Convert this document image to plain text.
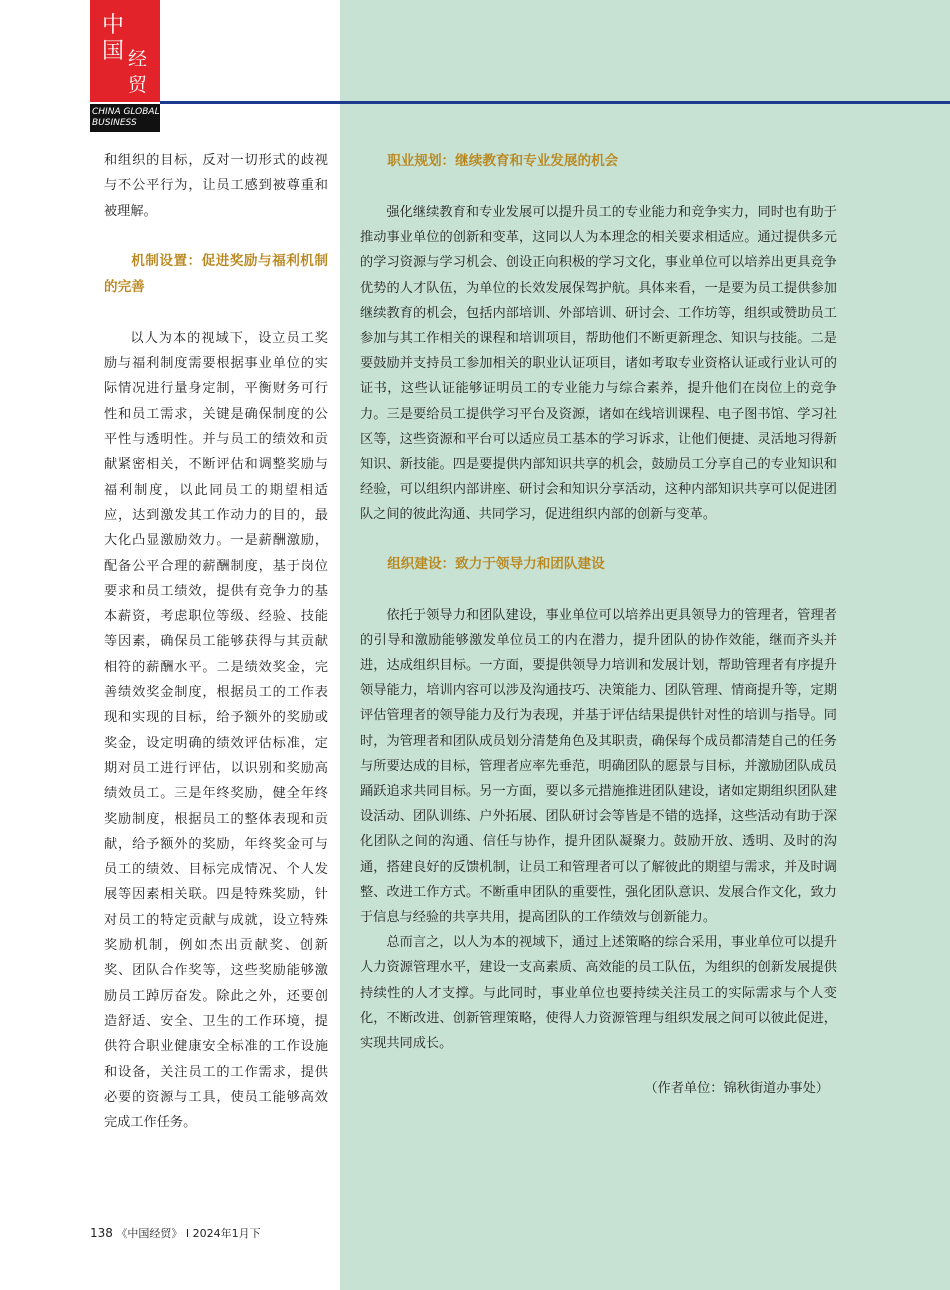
中
国 经
贸
CHINA GLOBAL
BUSINESS

和组织的目标，反对一切形式的歧视与不公平行为，让员工感到被尊重和被理解。

机制设置：促进奖励与福利机制的完善

以人为本的视域下，设立员工奖励与福利制度需要根据事业单位的实际情况进行量身定制，平衡财务可行性和员工需求，关键是确保制度的公平性与透明性。并与员工的绩效和贡献紧密相关，不断评估和调整奖励与福利制度，以此同员工的期望相适应，达到激发其工作动力的目的，最大化凸显激励效力。一是薪酬激励，配备公平合理的薪酬制度，基于岗位要求和员工绩效，提供有竞争力的基本薪资，考虑职位等级、经验、技能等因素，确保员工能够获得与其贡献相符的薪酬水平。二是绩效奖金，完善绩效奖金制度，根据员工的工作表现和实现的目标，给予额外的奖励或奖金，设定明确的绩效评估标准，定期对员工进行评估，以识别和奖励高绩效员工。三是年终奖励，健全年终奖励制度，根据员工的整体表现和贡献，给予额外的奖励，年终奖金可与员工的绩效、目标完成情况、个人发展等因素相关联。四是特殊奖励，针对员工的特定贡献与成就，设立特殊奖励机制，例如杰出贡献奖、创新奖、团队合作奖等，这些奖励能够激励员工踔厉奋发。除此之外，还要创造舒适、安全、卫生的工作环境，提供符合职业健康安全标准的工作设施和设备，关注员工的工作需求，提供必要的资源与工具，使员工能够高效完成工作任务。

职业规划：继续教育和专业发展的机会

强化继续教育和专业发展可以提升员工的专业能力和竞争实力，同时也有助于推动事业单位的创新和变革，这同以人为本理念的相关要求相适应。通过提供多元的学习资源与学习机会、创设正向积极的学习文化，事业单位可以培养出更具竞争优势的人才队伍，为单位的长效发展保驾护航。具体来看，一是要为员工提供参加继续教育的机会，包括内部培训、外部培训、研讨会、工作坊等，组织或赞助员工参加与其工作相关的课程和培训项目，帮助他们不断更新理念、知识与技能。二是要鼓励并支持员工参加相关的职业认证项目，诸如考取专业资格认证或行业认可的证书，这些认证能够证明员工的专业能力与综合素养，提升他们在岗位上的竞争力。三是要给员工提供学习平台及资源，诸如在线培训课程、电子图书馆、学习社区等，这些资源和平台可以适应员工基本的学习诉求，让他们便捷、灵活地习得新知识、新技能。四是要提供内部知识共享的机会，鼓励员工分享自己的专业知识和经验，可以组织内部讲座、研讨会和知识分享活动，这种内部知识共享可以促进团队之间的彼此沟通、共同学习，促进组织内部的创新与变革。

组织建设：致力于领导力和团队建设

依托于领导力和团队建设，事业单位可以培养出更具领导力的管理者，管理者的引导和激励能够激发单位员工的内在潜力，提升团队的协作效能，继而齐头并进，达成组织目标。一方面，要提供领导力培训和发展计划，帮助管理者有序提升领导能力，培训内容可以涉及沟通技巧、决策能力、团队管理、情商提升等，定期评估管理者的领导能力及行为表现，并基于评估结果提供针对性的培训与指导。同时，为管理者和团队成员划分清楚角色及其职责，确保每个成员都清楚自己的任务与所要达成的目标，管理者应率先垂范，明确团队的愿景与目标，并激励团队成员踊跃追求共同目标。另一方面，要以多元措施推进团队建设，诸如定期组织团队建设活动、团队训练、户外拓展、团队研讨会等皆是不错的选择，这些活动有助于深化团队之间的沟通、信任与协作，提升团队凝聚力。鼓励开放、透明、及时的沟通，搭建良好的反馈机制，让员工和管理者可以了解彼此的期望与需求，并及时调整、改进工作方式。不断重申团队的重要性，强化团队意识、发展合作文化，致力于信息与经验的共享共用，提高团队的工作绩效与创新能力。

总而言之，以人为本的视域下，通过上述策略的综合采用，事业单位可以提升人力资源管理水平，建设一支高素质、高效能的员工队伍，为组织的创新发展提供持续性的人才支撑。与此同时，事业单位也要持续关注员工的实际需求与个人变化，不断改进、创新管理策略，使得人力资源管理与组织发展之间可以彼此促进，实现共同成长。

（作者单位：锦秋街道办事处）

138 《中国经贸》 I 2024年1月下
